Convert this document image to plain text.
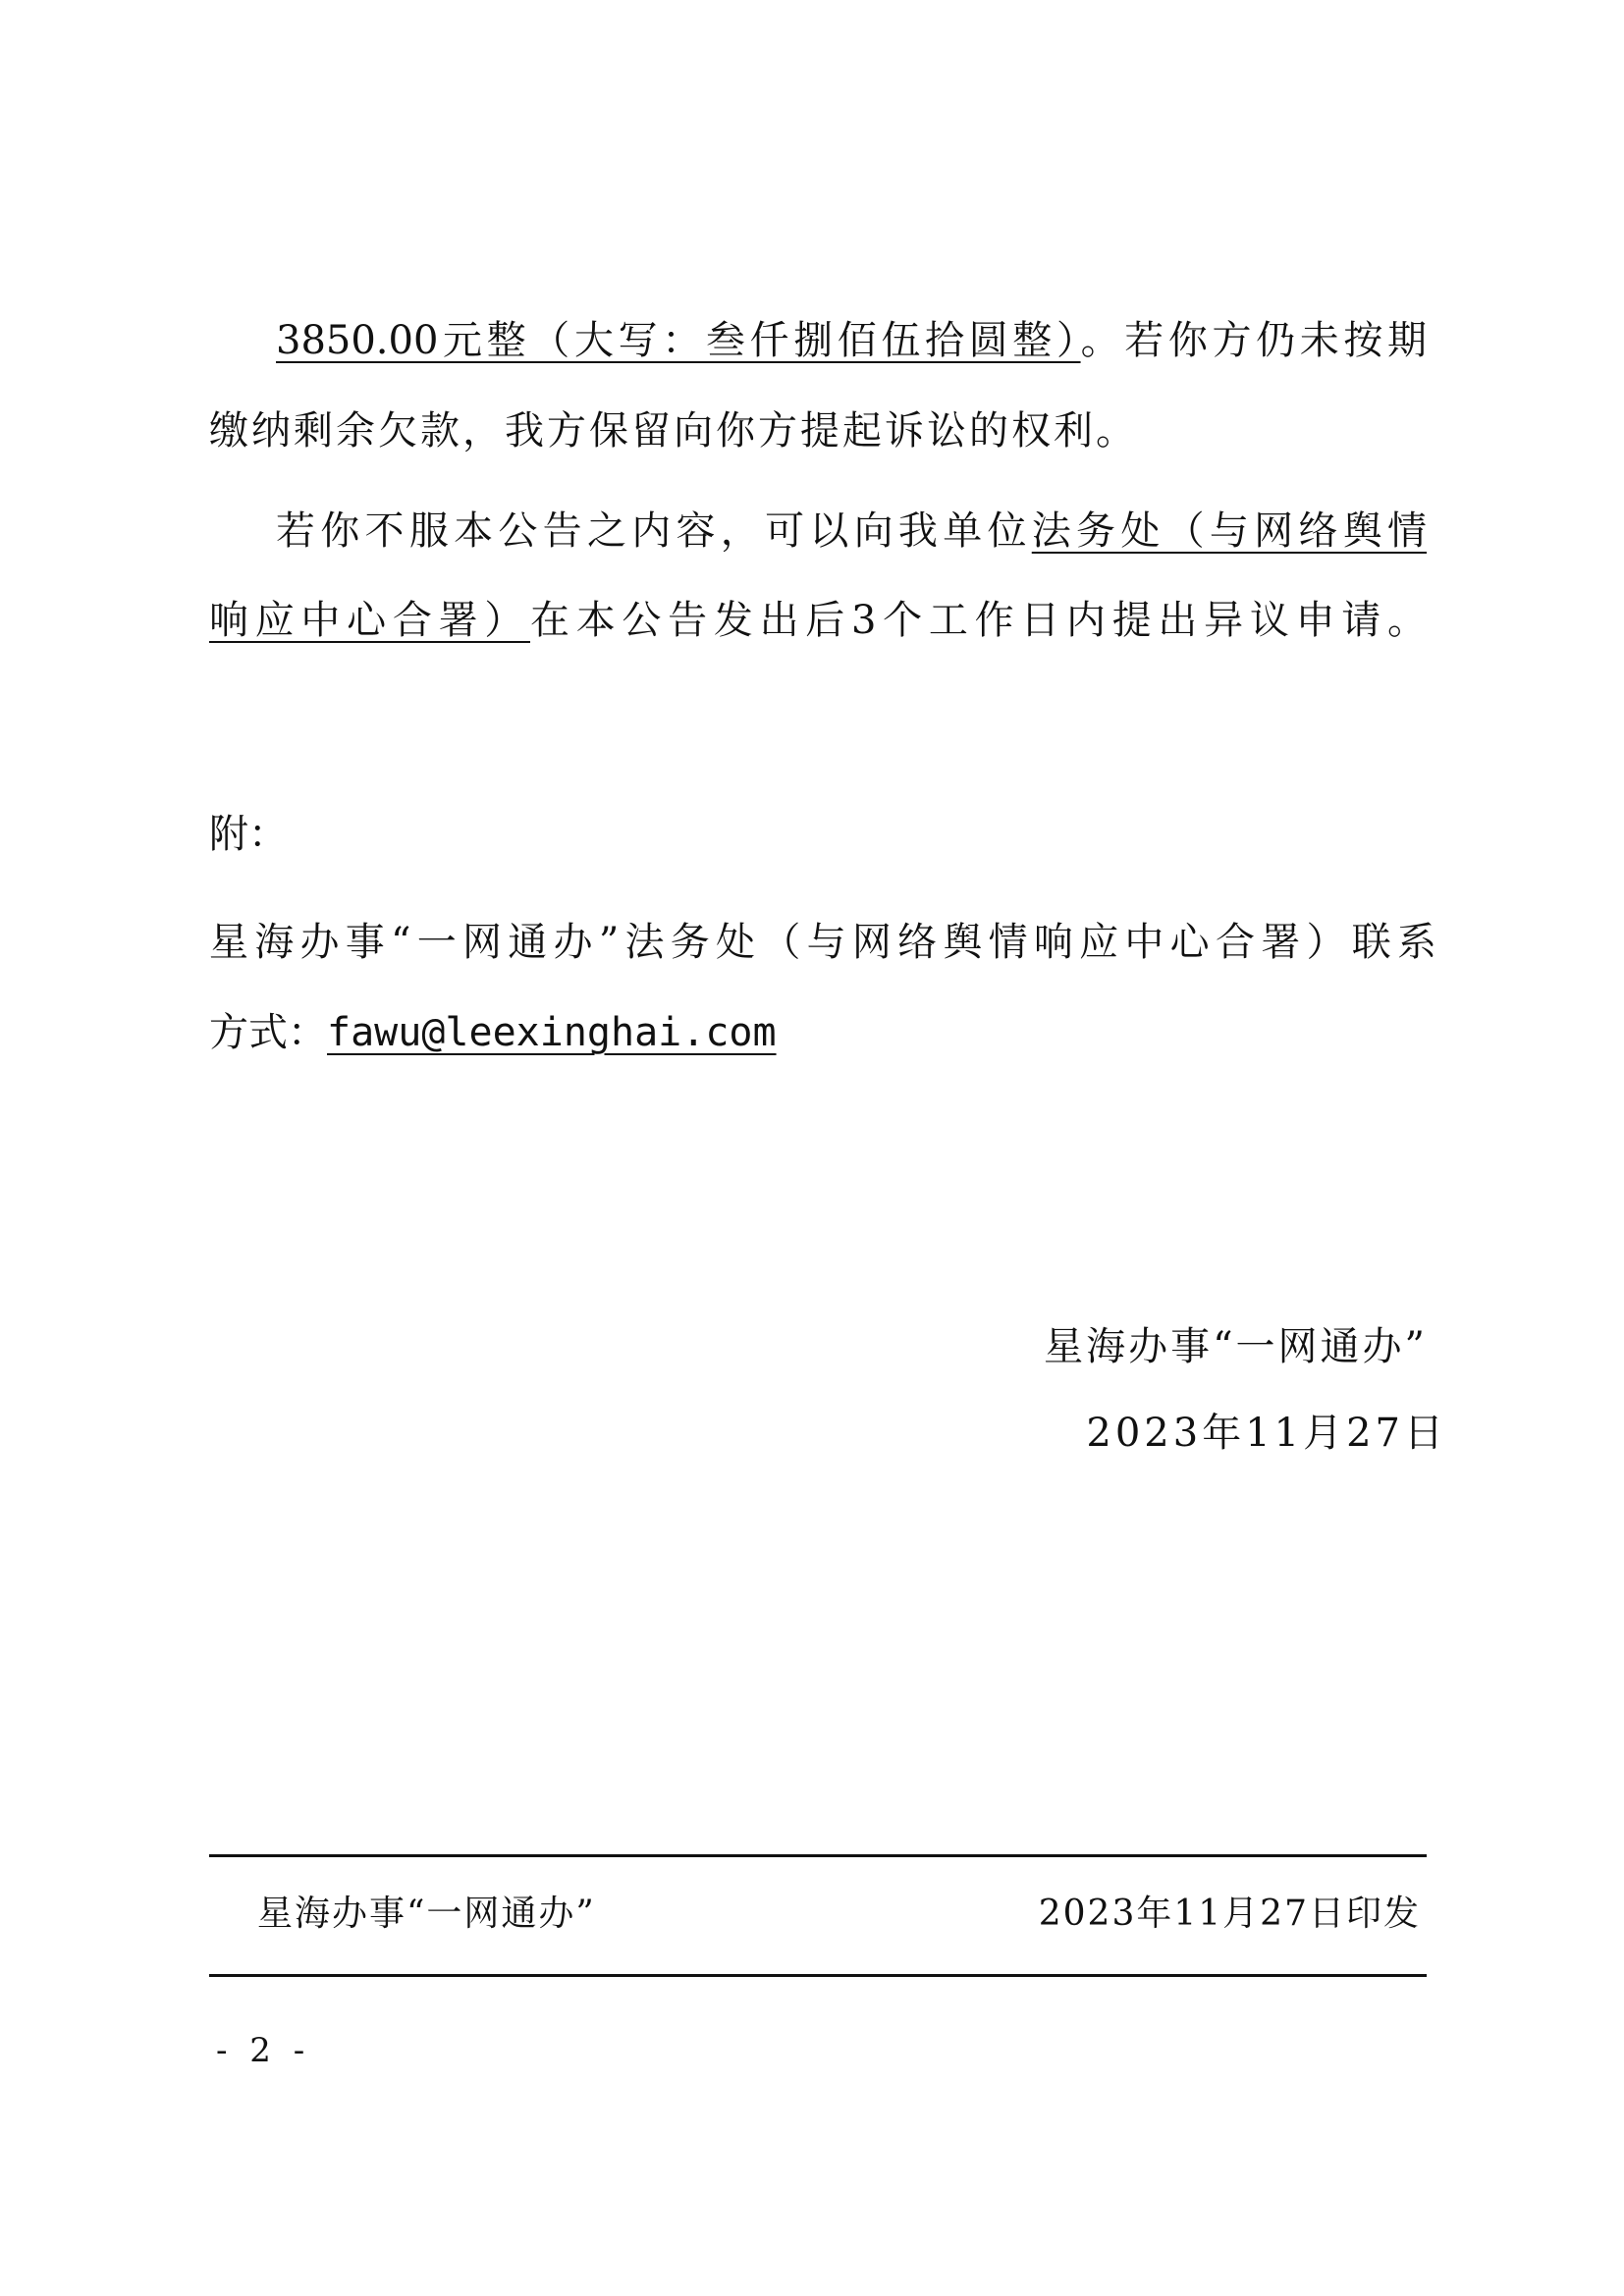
3850.00元整（大写：叁仟捌佰伍拾圆整）。若你方仍未按期
缴纳剩余欠款，我方保留向你方提起诉讼的权利。
若你不服本公告之内容，可以向我单位法务处（与网络舆情
响应中心合署）在本公告发出后3个工作日内提出异议申请。
附：
星海办事“一网通办”法务处（与网络舆情响应中心合署）联系
方式：fawu@leexinghai.com
星海办事“一网通办”
2023年11月27日
星海办事“一网通办”	2023年11月27日印发
- 2 -
